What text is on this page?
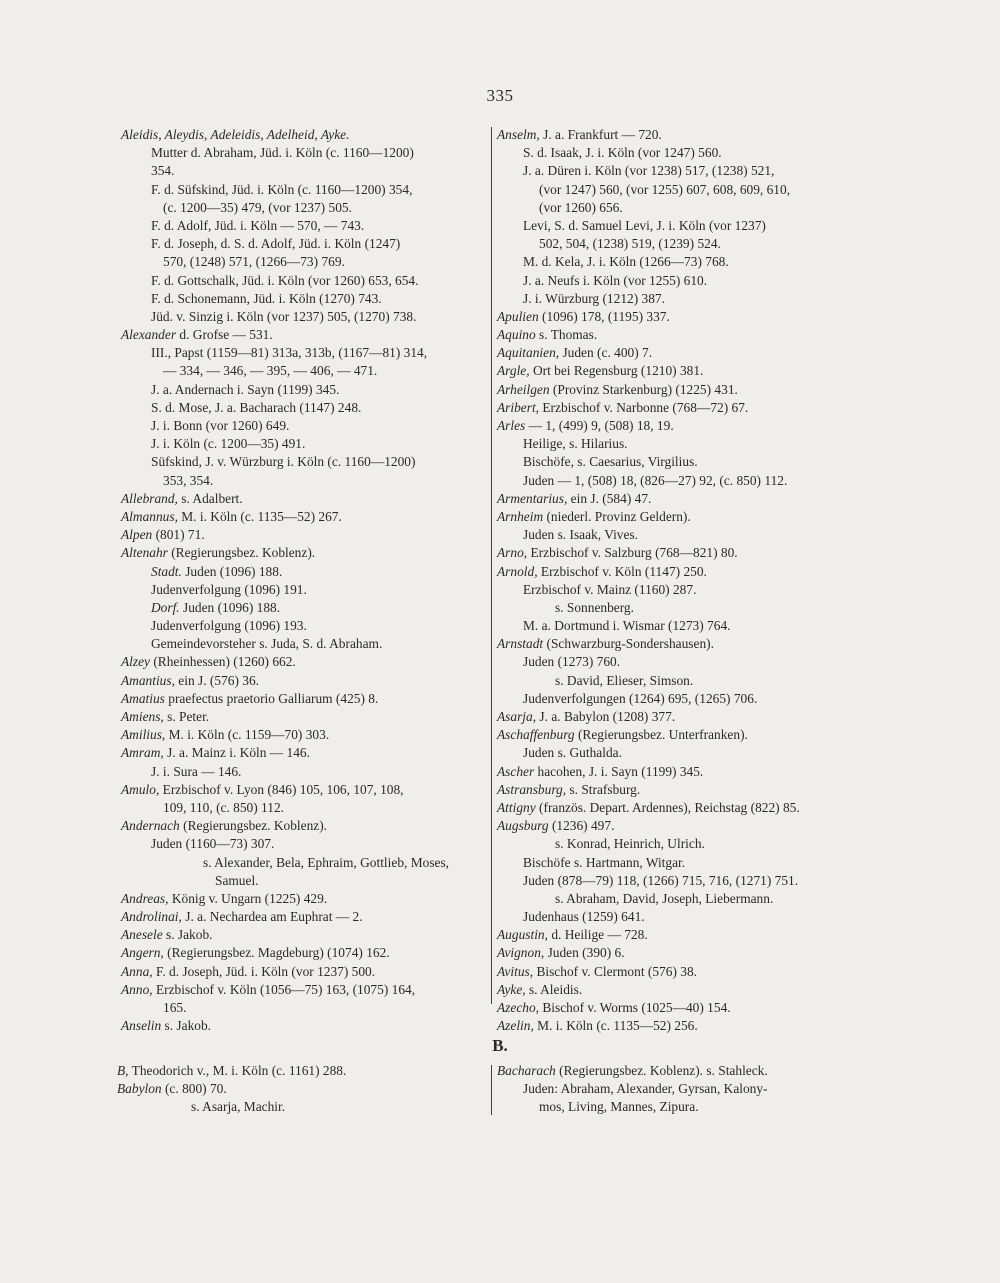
335
Aleidis, Aleydis, Adeleidis, Adelheid, Ayke.
Mutter d. Abraham, Jüd. i. Köln (c. 1160—1200)
354.
F. d. Süfskind, Jüd. i. Köln (c. 1160—1200) 354,
(c. 1200—35) 479, (vor 1237) 505.
F. d. Adolf, Jüd. i. Köln — 570, — 743.
F. d. Joseph, d. S. d. Adolf, Jüd. i. Köln (1247)
570, (1248) 571, (1266—73) 769.
F. d. Gottschalk, Jüd. i. Köln (vor 1260) 653, 654.
F. d. Schonemann, Jüd. i. Köln (1270) 743.
Jüd. v. Sinzig i. Köln (vor 1237) 505, (1270) 738.
Alexander d. Grofse — 531.
III., Papst (1159—81) 313a, 313b, (1167—81) 314,
— 334, — 346, — 395, — 406, — 471.
J. a. Andernach i. Sayn (1199) 345.
S. d. Mose, J. a. Bacharach (1147) 248.
J. i. Bonn (vor 1260) 649.
J. i. Köln (c. 1200—35) 491.
Süfskind, J. v. Würzburg i. Köln (c. 1160—1200)
353, 354.
Allebrand, s. Adalbert.
Almannus, M. i. Köln (c. 1135—52) 267.
Alpen (801) 71.
Altenahr (Regierungsbez. Koblenz).
Stadt. Juden (1096) 188.
Judenverfolgung (1096) 191.
Dorf. Juden (1096) 188.
Judenverfolgung (1096) 193.
Gemeindevorsteher s. Juda, S. d. Abraham.
Alzey (Rheinhessen) (1260) 662.
Amantius, ein J. (576) 36.
Amatius praefectus praetorio Galliarum (425) 8.
Amiens, s. Peter.
Amilius, M. i. Köln (c. 1159—70) 303.
Amram, J. a. Mainz i. Köln — 146.
J. i. Sura — 146.
Amulo, Erzbischof v. Lyon (846) 105, 106, 107, 108,
109, 110, (c. 850) 112.
Andernach (Regierungsbez. Koblenz).
Juden (1160—73) 307.
s. Alexander, Bela, Ephraim, Gottlieb, Moses,
Samuel.
Andreas, König v. Ungarn (1225) 429.
Androlinai, J. a. Nechardea am Euphrat — 2.
Anesele s. Jakob.
Angern, (Regierungsbez. Magdeburg) (1074) 162.
Anna, F. d. Joseph, Jüd. i. Köln (vor 1237) 500.
Anno, Erzbischof v. Köln (1056—75) 163, (1075) 164,
165.
Anselin s. Jakob.
Anselm, J. a. Frankfurt — 720.
S. d. Isaak, J. i. Köln (vor 1247) 560.
J. a. Düren i. Köln (vor 1238) 517, (1238) 521,
(vor 1247) 560, (vor 1255) 607, 608, 609, 610,
(vor 1260) 656.
Levi, S. d. Samuel Levi, J. i. Köln (vor 1237)
502, 504, (1238) 519, (1239) 524.
M. d. Kela, J. i. Köln (1266—73) 768.
J. a. Neufs i. Köln (vor 1255) 610.
J. i. Würzburg (1212) 387.
Apulien (1096) 178, (1195) 337.
Aquino s. Thomas.
Aquitanien, Juden (c. 400) 7.
Argle, Ort bei Regensburg (1210) 381.
Arheilgen (Provinz Starkenburg) (1225) 431.
Aribert, Erzbischof v. Narbonne (768—72) 67.
Arles — 1, (499) 9, (508) 18, 19.
Heilige, s. Hilarius.
Bischöfe, s. Caesarius, Virgilius.
Juden — 1, (508) 18, (826—27) 92, (c. 850) 112.
Armentarius, ein J. (584) 47.
Arnheim (niederl. Provinz Geldern).
Juden s. Isaak, Vives.
Arno, Erzbischof v. Salzburg (768—821) 80.
Arnold, Erzbischof v. Köln (1147) 250.
Erzbischof v. Mainz (1160) 287.
s. Sonnenberg.
M. a. Dortmund i. Wismar (1273) 764.
Arnstadt (Schwarzburg-Sondershausen).
Juden (1273) 760.
s. David, Elieser, Simson.
Judenverfolgungen (1264) 695, (1265) 706.
Asarja, J. a. Babylon (1208) 377.
Aschaffenburg (Regierungsbez. Unterfranken).
Juden s. Guthalda.
Ascher hacohen, J. i. Sayn (1199) 345.
Astransburg, s. Strafsburg.
Attigny (französ. Depart. Ardennes), Reichstag (822) 85.
Augsburg (1236) 497.
s. Konrad, Heinrich, Ulrich.
Bischöfe s. Hartmann, Witgar.
Juden (878—79) 118, (1266) 715, 716, (1271) 751.
s. Abraham, David, Joseph, Liebermann.
Judenhaus (1259) 641.
Augustin, d. Heilige — 728.
Avignon, Juden (390) 6.
Avitus, Bischof v. Clermont (576) 38.
Ayke, s. Aleidis.
Azecho, Bischof v. Worms (1025—40) 154.
Azelin, M. i. Köln (c. 1135—52) 256.
B.
B, Theodorich v., M. i. Köln (c. 1161) 288.
Babylon (c. 800) 70.
s. Asarja, Machir.
Bacharach (Regierungsbez. Koblenz). s. Stahleck.
Juden: Abraham, Alexander, Gyrsan, Kalony-
mos, Living, Mannes, Zipura.
